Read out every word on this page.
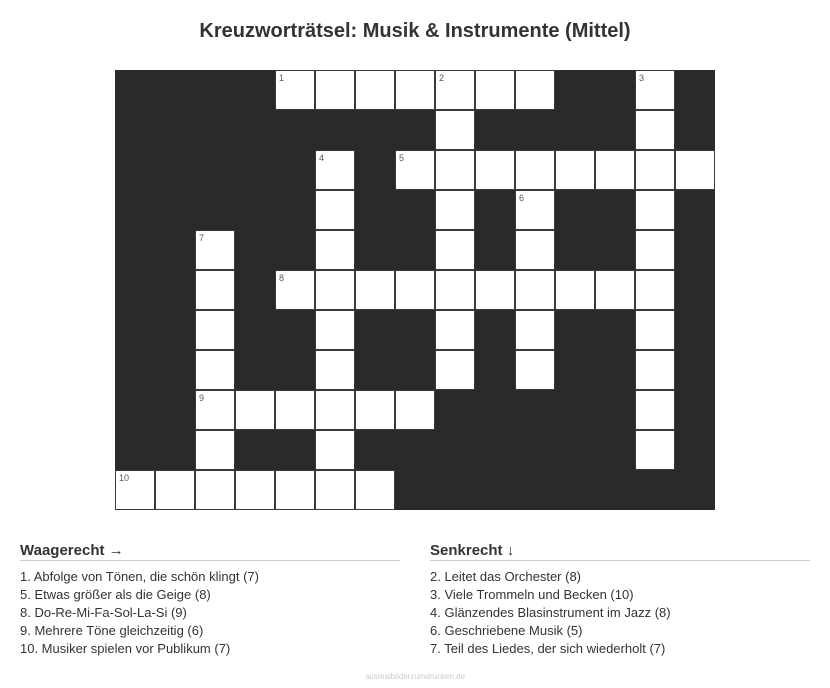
Kreuzworträtsel: Musik & Instrumente (Mittel)
1	2	3
4	5
6
7
8
9
10
Waagerecht →
1. Abfolge von Tönen, die schön klingt (7)
5. Etwas größer als die Geige (8)
8. Do-Re-Mi-Fa-Sol-La-Si (9)
9. Mehrere Töne gleichzeitig (6)
10. Musiker spielen vor Publikum (7)
Senkrecht ↓
2. Leitet das Orchester (8)
3. Viele Trommeln und Becken (10)
4. Glänzendes Blasinstrument im Jazz (8)
6. Geschriebene Musik (5)
7. Teil des Liedes, der sich wiederholt (7)
ausmalbilderzumdrucken.de
